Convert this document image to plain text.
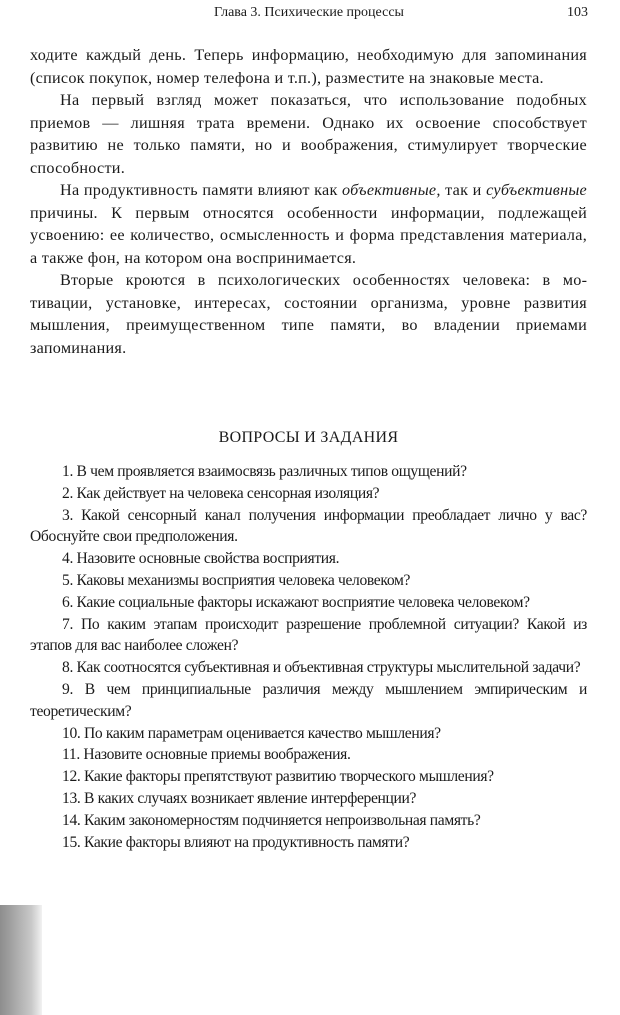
Глава 3. Психические процессы	103

ходите каждый день. Теперь информацию, необходимую для запоминания (список покупок, номер телефона и т.п.), разместите на знаковые места.

На первый взгляд может показаться, что использование подобных приемов — лишняя трата времени. Однако их освоение способствует развитию не только памяти, но и воображения, стимулирует творческие способности.

На продуктивность памяти влияют как объективные, так и субъективные причины. К первым относятся особенности информации, подлежащей усвоению: ее количество, осмысленность и форма представления материала, а также фон, на котором она воспринимается.

Вторые кроются в психологических особенностях человека: в мотивации, установке, интересах, состоянии организма, уровне развития мышления, преимущественном типе памяти, во владении приемами запоминания.

ВОПРОСЫ И ЗАДАНИЯ

1. В чем проявляется взаимосвязь различных типов ощущений?

2. Как действует на человека сенсорная изоляция?

3. Какой сенсорный канал получения информации преобладает лично у вас? Обоснуйте свои предположения.

4. Назовите основные свойства восприятия.

5. Каковы механизмы восприятия человека человеком?

6. Какие социальные факторы искажают восприятие человека человеком?

7. По каким этапам происходит разрешение проблемной ситуации? Какой из этапов для вас наиболее сложен?

8. Как соотносятся субъективная и объективная структуры мыслительной задачи?

9. В чем принципиальные различия между мышлением эмпирическим и теоретическим?

10. По каким параметрам оценивается качество мышления?

11. Назовите основные приемы воображения.

12. Какие факторы препятствуют развитию творческого мышления?

13. В каких случаях возникает явление интерференции?

14. Каким закономерностям подчиняется непроизвольная память?

15. Какие факторы влияют на продуктивность памяти?
